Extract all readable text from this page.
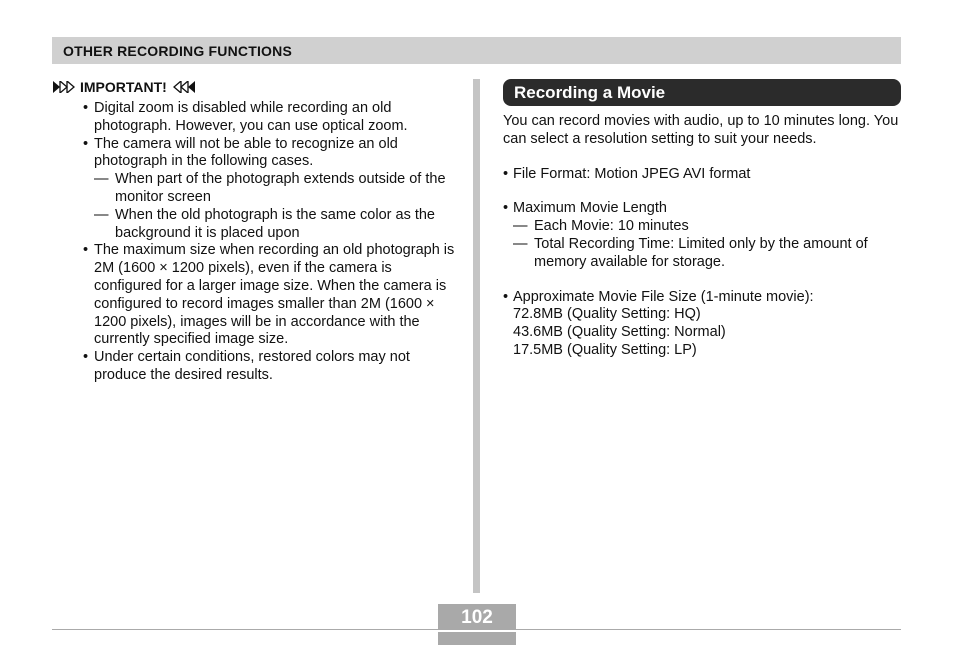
OTHER RECORDING FUNCTIONS
IMPORTANT!
• Digital zoom is disabled while recording an old photograph. However, you can use optical zoom.
• The camera will not be able to recognize an old photograph in the following cases.
— When part of the photograph extends outside of the monitor screen
— When the old photograph is the same color as the background it is placed upon
• The maximum size when recording an old photograph is 2M (1600 × 1200 pixels), even if the camera is configured for a larger image size. When the camera is configured to record images smaller than 2M (1600 × 1200 pixels), images will be in accordance with the currently specified image size.
• Under certain conditions, restored colors may not produce the desired results.
Recording a Movie
You can record movies with audio, up to 10 minutes long. You can select a resolution setting to suit your needs.
• File Format: Motion JPEG AVI format
• Maximum Movie Length
— Each Movie: 10 minutes
— Total Recording Time: Limited only by the amount of memory available for storage.
• Approximate Movie File Size (1-minute movie):
72.8MB (Quality Setting: HQ)
43.6MB (Quality Setting: Normal)
17.5MB (Quality Setting: LP)
102
